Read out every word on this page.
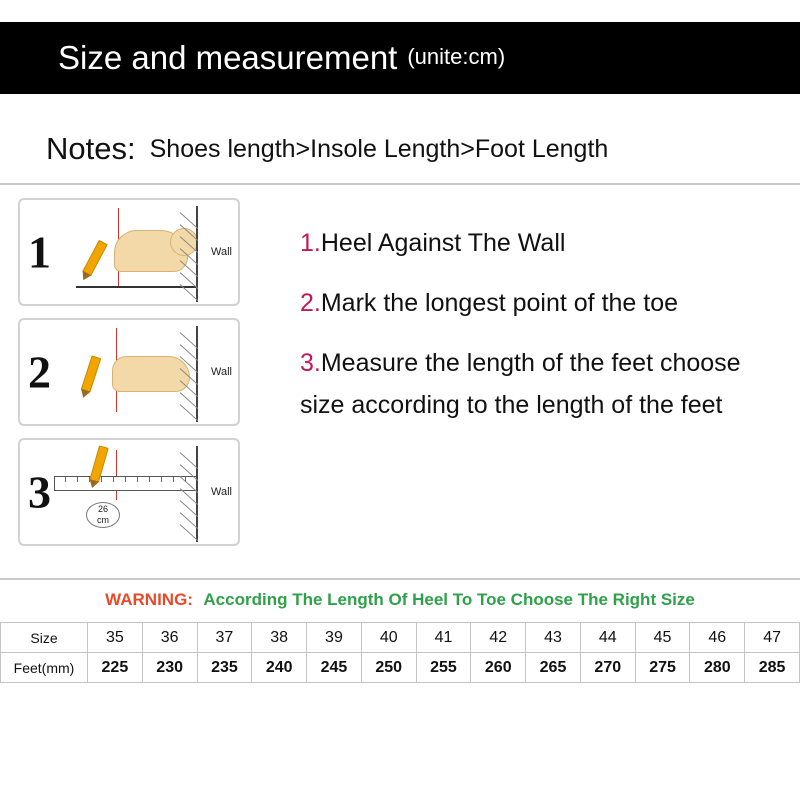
Size and measurement (unite:cm)
Notes: Shoes length>Insole Length>Foot Length
1	Wall
2	Wall
3	26
cm
Wall
1.Heel Against The Wall
2.Mark the longest point of the toe
3.Measure the length of the feet choose size according to the length of the feet
WARNING: According The Length Of Heel To Toe Choose The Right Size
Size	35	36	37	38	39	40	41	42	43	44	45	46	47
Feet(mm)	225	230	235	240	245	250	255	260	265	270	275	280	285
